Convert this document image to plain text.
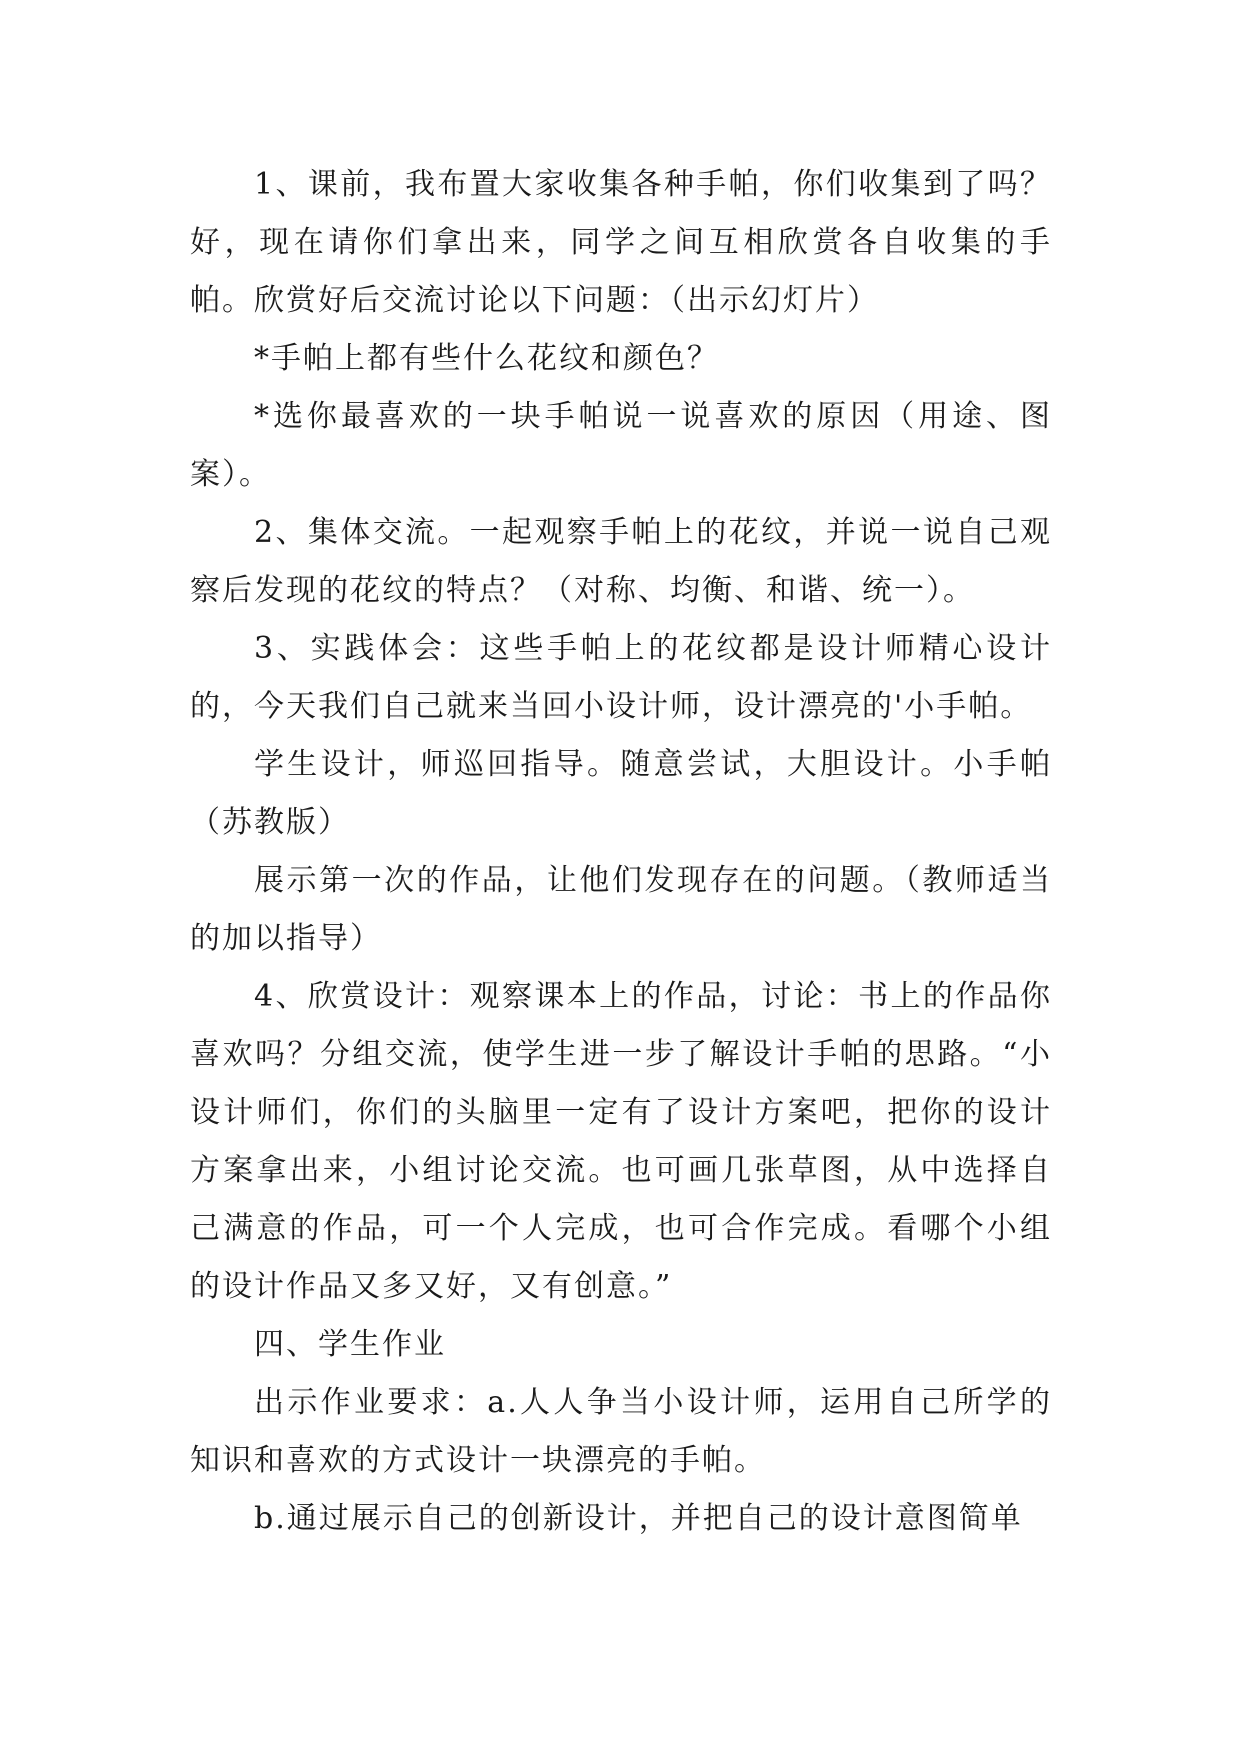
1、课前，我布置大家收集各种手帕，你们收集到了吗？好，现在请你们拿出来，同学之间互相欣赏各自收集的手帕。欣赏好后交流讨论以下问题：（出示幻灯片）

*手帕上都有些什么花纹和颜色？

*选你最喜欢的一块手帕说一说喜欢的原因（用途、图案）。

2、集体交流。一起观察手帕上的花纹，并说一说自己观察后发现的花纹的特点？（对称、均衡、和谐、统一）。

3、实践体会：这些手帕上的花纹都是设计师精心设计的，今天我们自己就来当回小设计师，设计漂亮的'小手帕。

学生设计，师巡回指导。随意尝试，大胆设计。小手帕（苏教版）

展示第一次的作品，让他们发现存在的问题。（教师适当的加以指导）

4、欣赏设计：观察课本上的作品，讨论：书上的作品你喜欢吗？分组交流，使学生进一步了解设计手帕的思路。“小设计师们，你们的头脑里一定有了设计方案吧，把你的设计方案拿出来，小组讨论交流。也可画几张草图，从中选择自己满意的作品，可一个人完成，也可合作完成。看哪个小组的设计作品又多又好，又有创意。”

四、学生作业

出示作业要求：a.人人争当小设计师，运用自己所学的知识和喜欢的方式设计一块漂亮的手帕。

b.通过展示自己的创新设计，并把自己的设计意图简单
